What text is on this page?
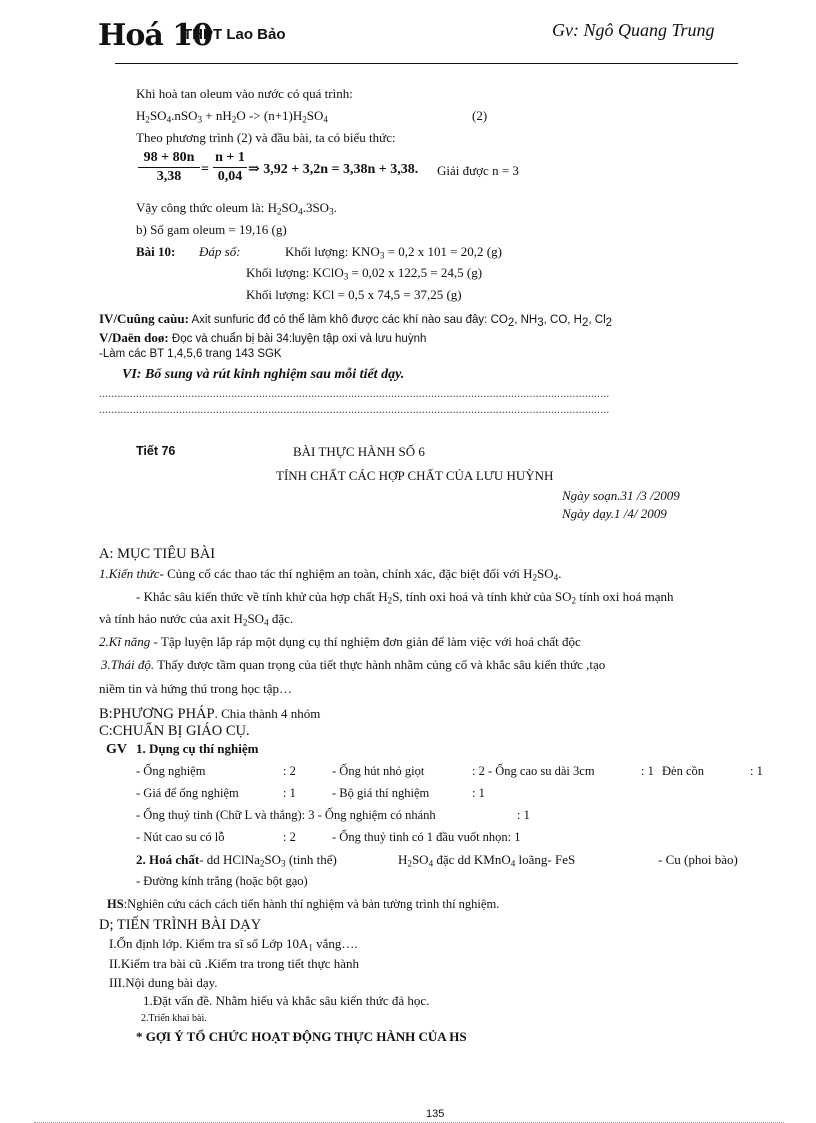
Hoá 10
THPT Lao Bảo	Gv: Ngô Quang Trung
Khi hoà tan oleum vào nước có quá trình:
$H_2SO_4.nSO_3 + nH_2O -> (n+1)H_2SO_4$	(2)
Theo phương trình (2) và đầu bài, ta có biểu thức:
$\frac{98 + 80n}{3,38} = \frac{n + 1}{0,04}$ ⇒ 3,92 + 3,2n = 3,38n + 3,38. Giải được n = 3
Vậy công thức oleum là: $H_2SO_4.3SO_3$.
b) Số gam oleum = 19,16 (g)
Bài 10: Đáp số:	Khối lượng: $KNO_3 = 0,2$ x 101 = 20,2 (g)
Khối lượng: KClO$_3$ = 0,02 x 122,5 = 24,5 (g)
Khối lượng: KCl = 0,5 x 74,5 = 37,25 (g)
IV/Cuûng caùu: Axit sunfuric đđ có thể làm khô được các khí nào sau đây: $CO_2$, $NH_3$, CO, $H_2$, $Cl_2$
V/Daën doø: Đọc và chuẩn bị bài 34:luyện tập oxi và lưu huỳnh
-Làm các BT 1,4,5,6 trang 143 SGK
VI: Bổ sung và rút kinh nghiệm sau mỗi tiết dạy.
......................................................................................................................................................................
......................................................................................................................................................................
Tiết 76	BÀI THỰC HÀNH SỐ 6
TÍNH CHẤT CÁC HỢP CHẤT CỦA LƯU HUỲNH
Ngày soạn.31 /3 /2009
Ngày dạy.1 /4/ 2009
A: MỤC TIÊU BÀI
1.Kiến thức- Củng cố các thao tác thí nghiệm an toàn, chính xác, đặc biệt đối với $H_2SO_4$.
- Khắc sâu kiến thức về tính khử của hợp chất $H_2S$, tính oxi hoá và tính khử của $SO_2$ tính oxi hoá mạnh
và tính háo nước của axit $H_2SO_4$ đặc.
2.Kĩ năng - Tập luyện lắp ráp một dụng cụ thí nghiệm đơn giản để làm việc với hoá chất độc
3.Thái độ. Thấy được tầm quan trọng của tiết thực hành nhằm củng cố và khắc sâu kiến thức ,tạo
niềm tin và hứng thú trong học tập…
B:PHƯƠNG PHÁP. Chia thành 4 nhóm
C:CHUẨN BỊ GIÁO CỤ.
GV 1. Dụng cụ thí nghiệm
- Ống nghiệm	: 2	- Ống hút nhỏ giọt	: 2 - Ống cao su dài 3cm	: 1 Đèn cồn	: 1
- Giá để ống nghiệm	: 1	- Bộ giá thí nghiệm	: 1
- Ống thuỷ tinh (Chữ L và thẳng): 3 - Ống nghiệm có nhánh	: 1
- Nút cao su có lỗ	: 2	- Ống thuỷ tinh có 1 đầu vuốt nhọn: 1
2. Hoá chất- dd $HClNa_2SO_3$ (tinh thể)	$H_2SO_4$ đặc dd KMnO$_4$ loãng- FeS	- Cu (phoi bào)
- Đường kính trắng (hoặc bột gạo)
HS:Nghiên cứu cách cách tiến hành thí nghiệm và bản tường trình thí nghiệm.
D; TIẾN TRÌNH BÀI DẠY
I.Ổn định lớp. Kiểm tra sĩ số Lớp $10A_1$ vắng….
II.Kiểm tra bài cũ .Kiểm tra trong tiết thực hành
III.Nội dung bài dạy.
1.Đặt vấn đề. Nhằm hiểu và khắc sâu kiến thức đả học.
2.Triển khai bài.
* GỢI Ý TỔ CHỨC HOẠT ĐỘNG THỰC HÀNH CỦA HS
135
